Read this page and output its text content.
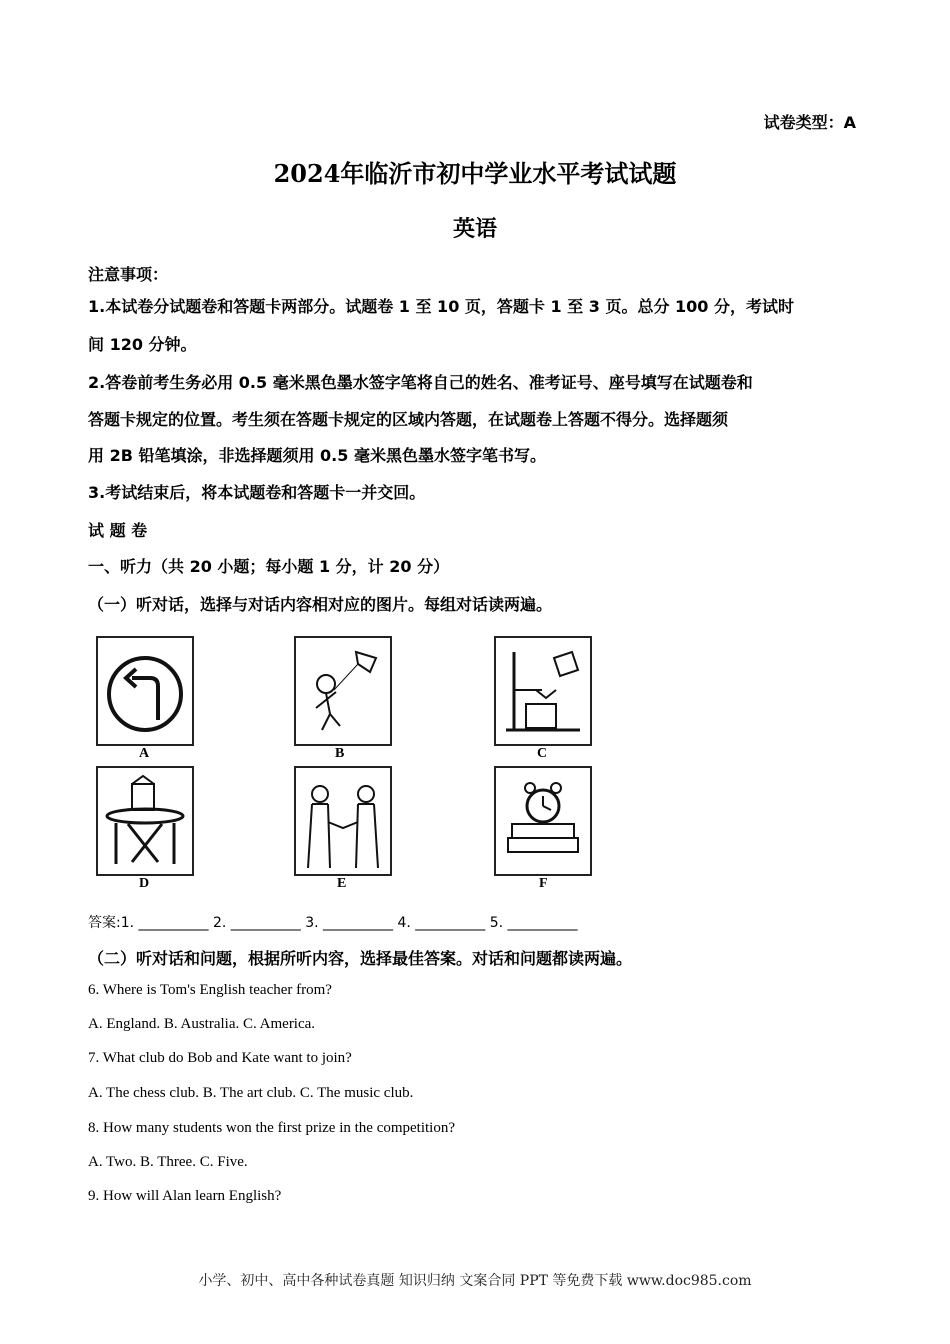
试卷类型：A
2024年临沂市初中学业水平考试试题
英语
注意事项：
1.本试卷分试题卷和答题卡两部分。试题卷 1 至 10 页，答题卡 1 至 3 页。总分 100 分，考试时
间 120 分钟。
2.答卷前考生务必用 0.5 毫米黑色墨水签字笔将自己的姓名、准考证号、座号填写在试题卷和
答题卡规定的位置。考生须在答题卡规定的区域内答题，在试题卷上答题不得分。选择题须
用 2B 铅笔填涂，非选择题须用 0.5 毫米黑色墨水签字笔书写。
3.考试结束后，将本试题卷和答题卡一并交回。
试 题 卷
一、听力（共 20 小题；每小题 1 分，计 20 分）
（一）听对话，选择与对话内容相对应的图片。每组对话读两遍。
A	B	C
D	E	F
答案:1. __________ 2. __________ 3. __________ 4. __________ 5. __________
（二）听对话和问题，根据所听内容，选择最佳答案。对话和问题都读两遍。
6. Where is Tom's English teacher from?
A. England. B. Australia. C. America.
7. What club do Bob and Kate want to join?
A. The chess club. B. The art club. C. The music club.
8. How many students won the first prize in the competition?
A. Two. B. Three. C. Five.
9. How will Alan learn English?
小学、初中、高中各种试卷真题 知识归纳 文案合同 PPT 等免费下载 www.doc985.com
